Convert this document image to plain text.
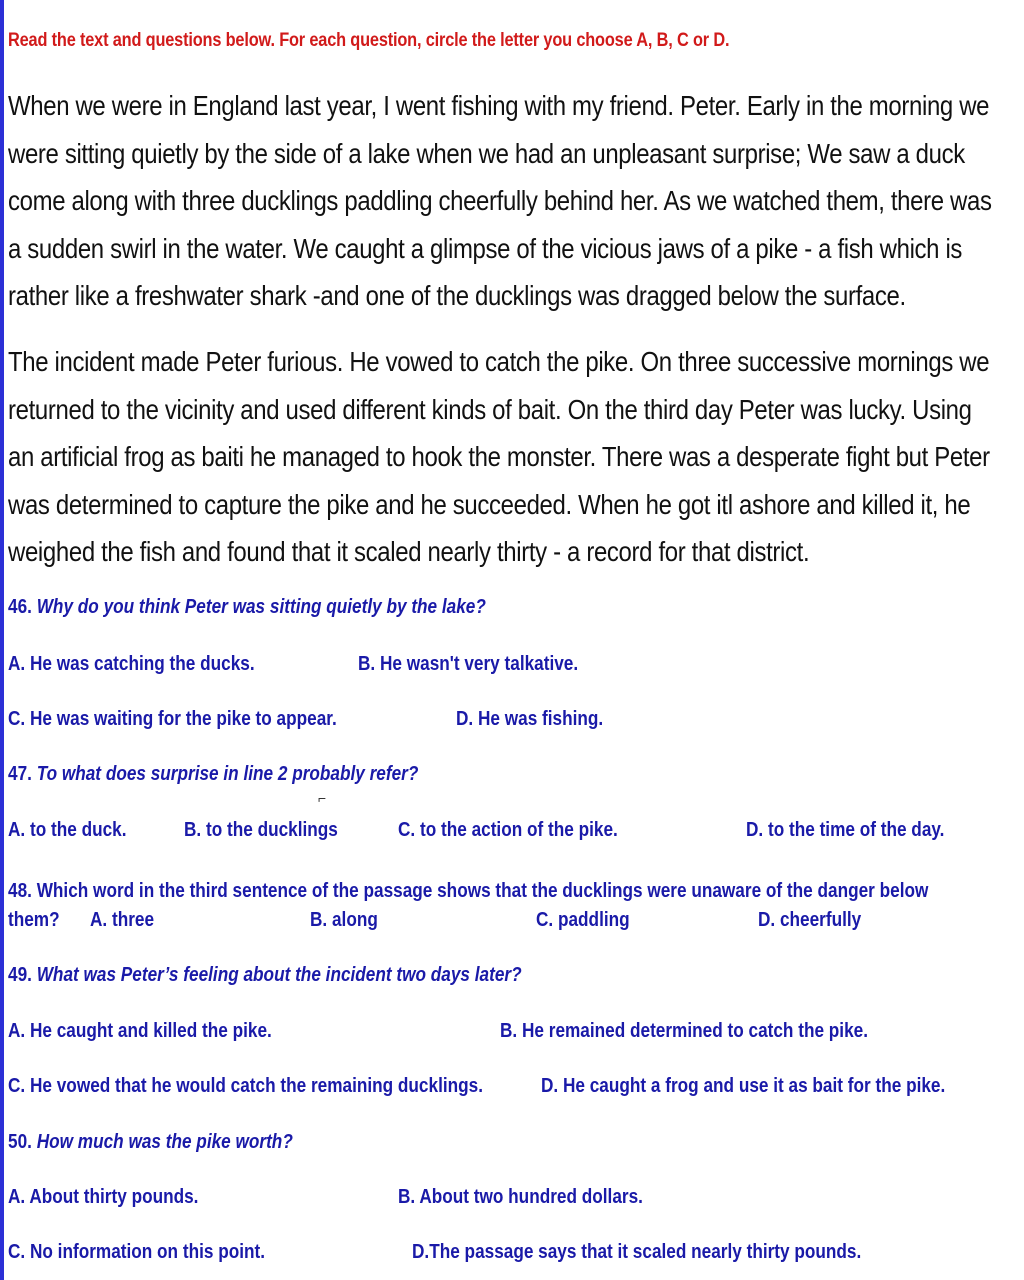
Read the text and questions below. For each question, circle the letter you choose A, B, C or D.
When we were in England last year, I went fishing with my friend. Peter. Early in the morning we were sitting quietly by the side of a lake when we had an unpleasant surprise; We saw a duck come along with three ducklings paddling cheerfully behind her. As we watched them, there was a sudden swirl in the water. We caught a glimpse of the vicious jaws of a pike - a fish which is rather like a freshwater shark -and one of the ducklings was dragged below the surface.
The incident made Peter furious. He vowed to catch the pike. On three successive mornings we returned to the vicinity and used different kinds of bait. On the third day Peter was lucky. Using an artificial frog as baiti he managed to hook the monster. There was a desperate fight but Peter was determined to capture the pike and he succeeded. When he got itl ashore and killed it, he weighed the fish and found that it scaled nearly thirty - a record for that district.
46. Why do you think Peter was sitting quietly by the lake?
A. He was catching the ducks.	B. He wasn't very talkative.
C. He was waiting for the pike to appear.	D. He was fishing.
47. To what does surprise in line 2 probably refer?
⌐
A. to the duck.	B. to the ducklings	C. to the action of the pike.	D. to the time of the day.
48. Which word in the third sentence of the passage shows that the ducklings were unaware of the danger below
them? A. three	B. along	C. paddling	D. cheerfully
49. What was Peter’s feeling about the incident two days later?
A. He caught and killed the pike.	B. He remained determined to catch the pike.
C. He vowed that he would catch the remaining ducklings.	D. He caught a frog and use it as bait for the pike.
50. How much was the pike worth?
A. About thirty pounds.	B. About two hundred dollars.
C. No information on this point.	D.The passage says that it scaled nearly thirty pounds.
